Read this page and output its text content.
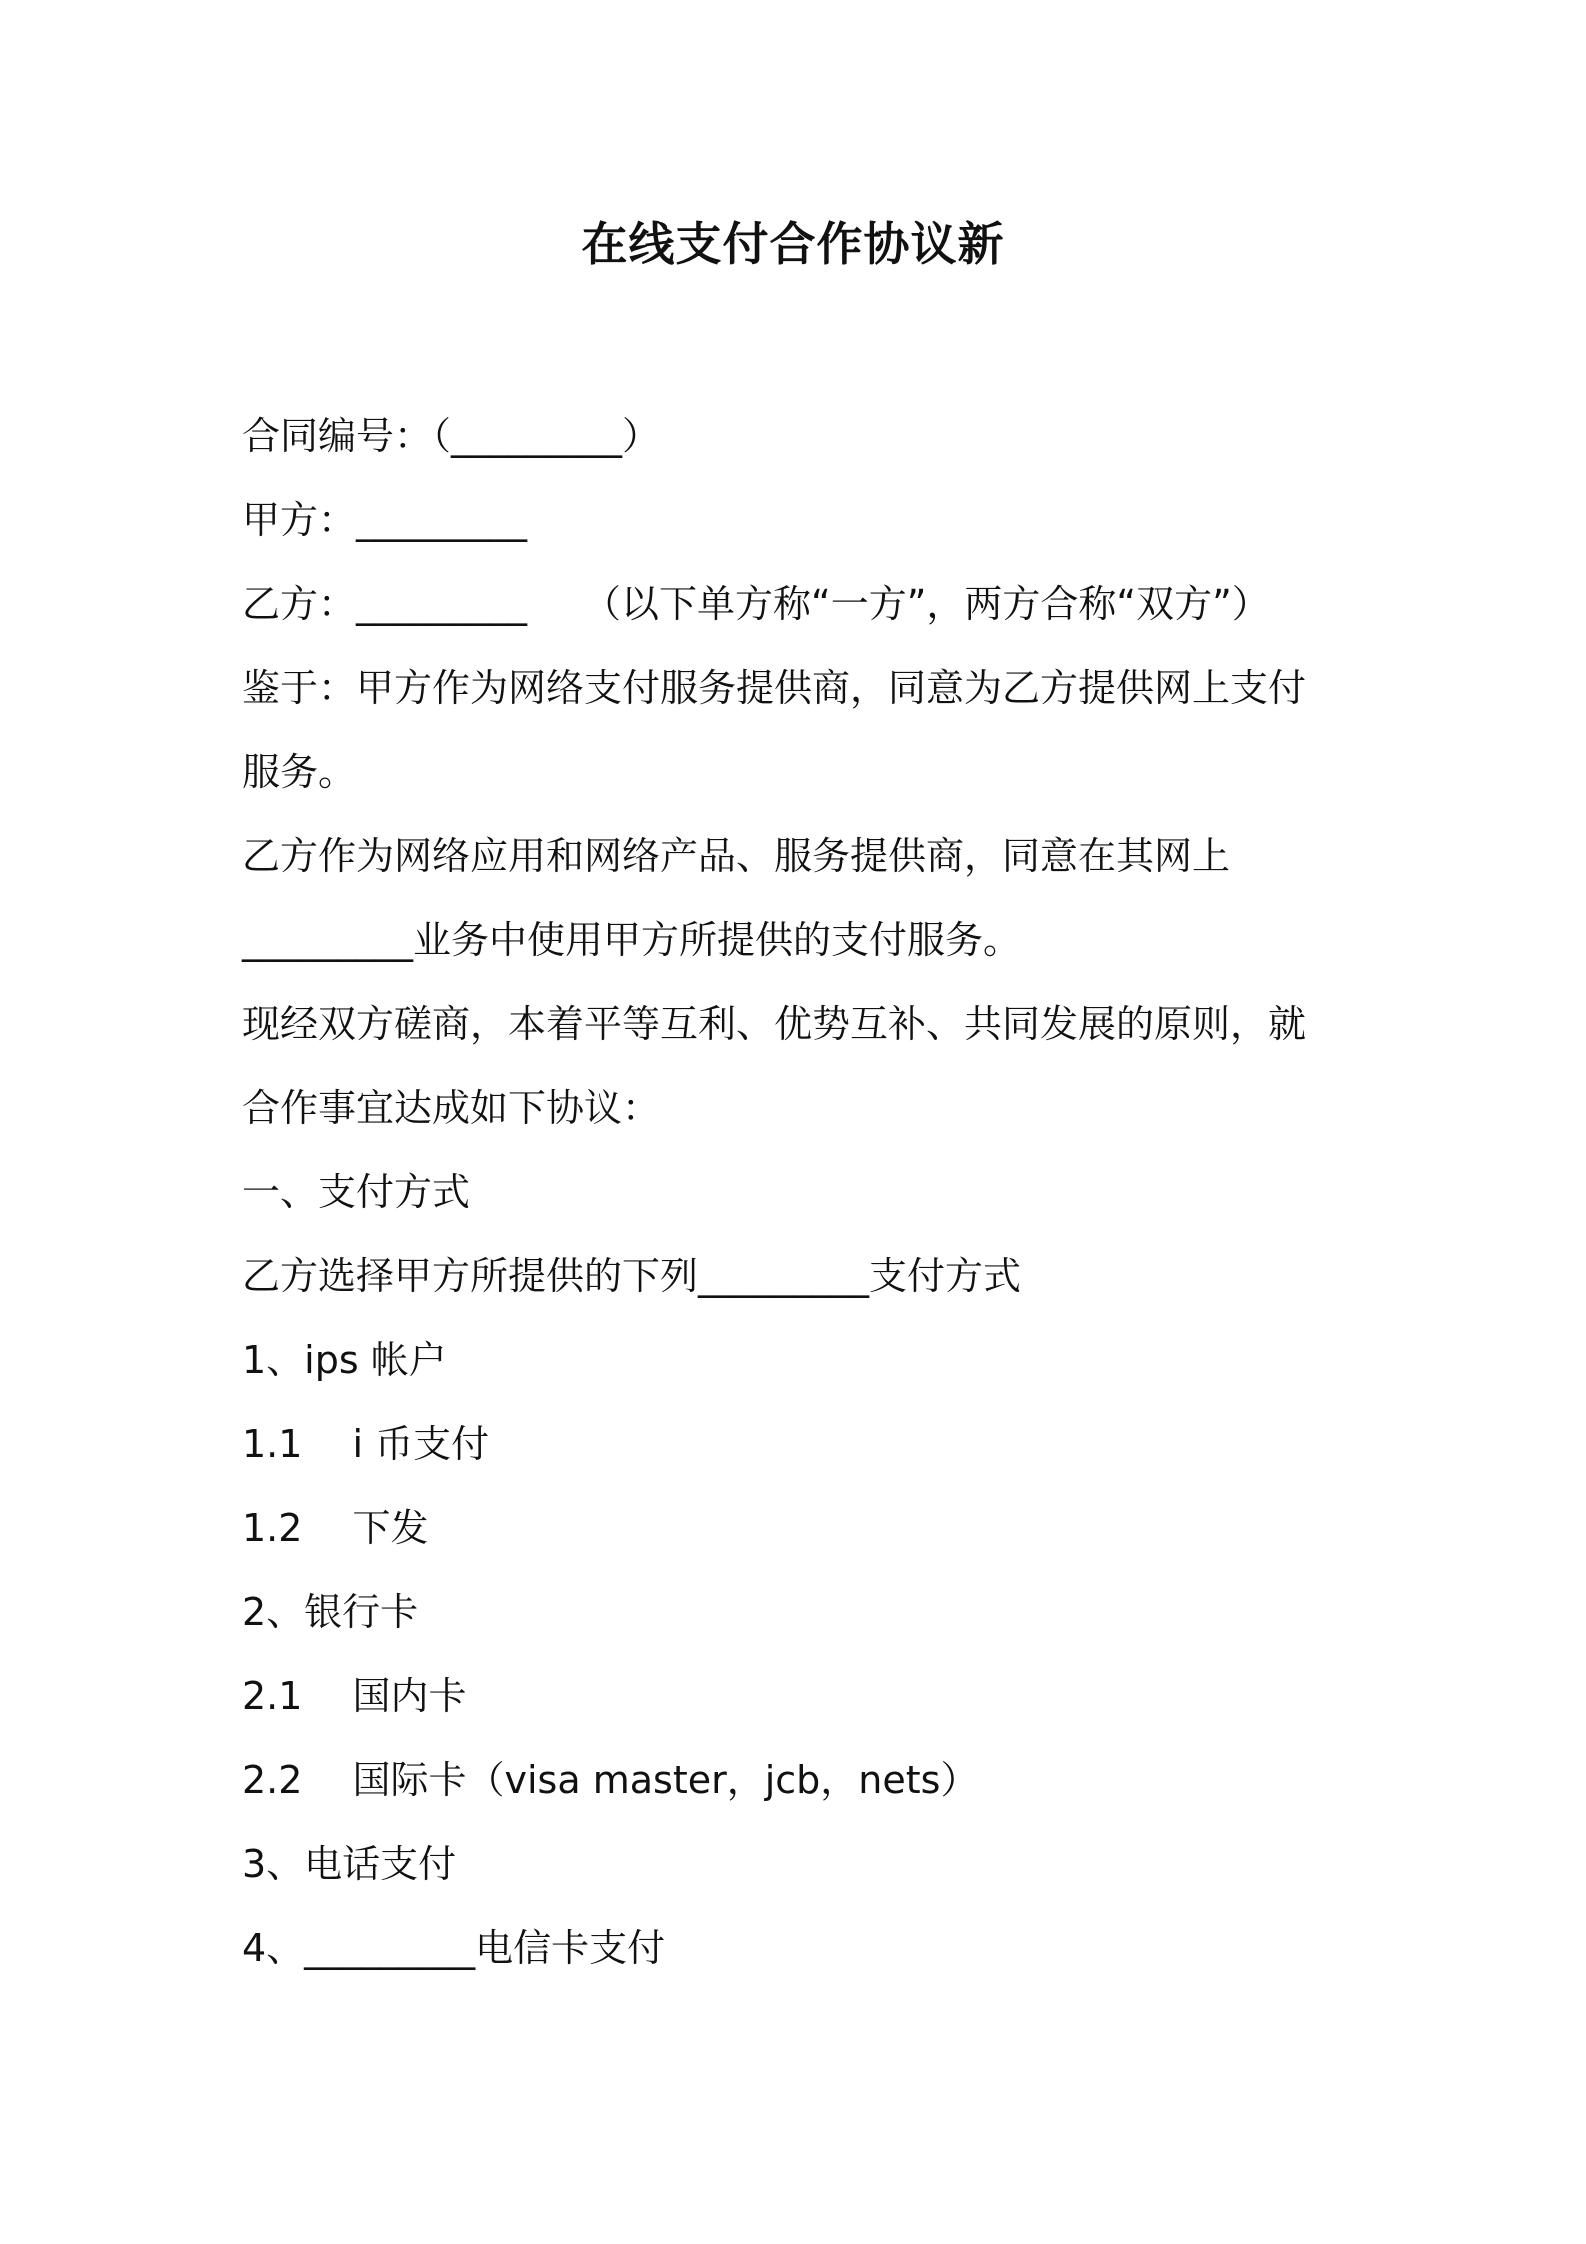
在线支付合作协议新
合同编号：（_________）
甲方：_________
乙方：_________ （以下单方称“一方”，两方合称“双方”）
鉴于：甲方作为网络支付服务提供商，同意为乙方提供网上支付
服务。
乙方作为网络应用和网络产品、服务提供商，同意在其网上
_________业务中使用甲方所提供的支付服务。
现经双方磋商，本着平等互利、优势互补、共同发展的原则，就
合作事宜达成如下协议：
一、支付方式
乙方选择甲方所提供的下列_________支付方式
1、ips 帐户
1.1　 i 币支付
1.2　 下发
2、银行卡
2.1　 国内卡
2.2　 国际卡（visa master，jcb，nets）
3、电话支付
4、_________电信卡支付
